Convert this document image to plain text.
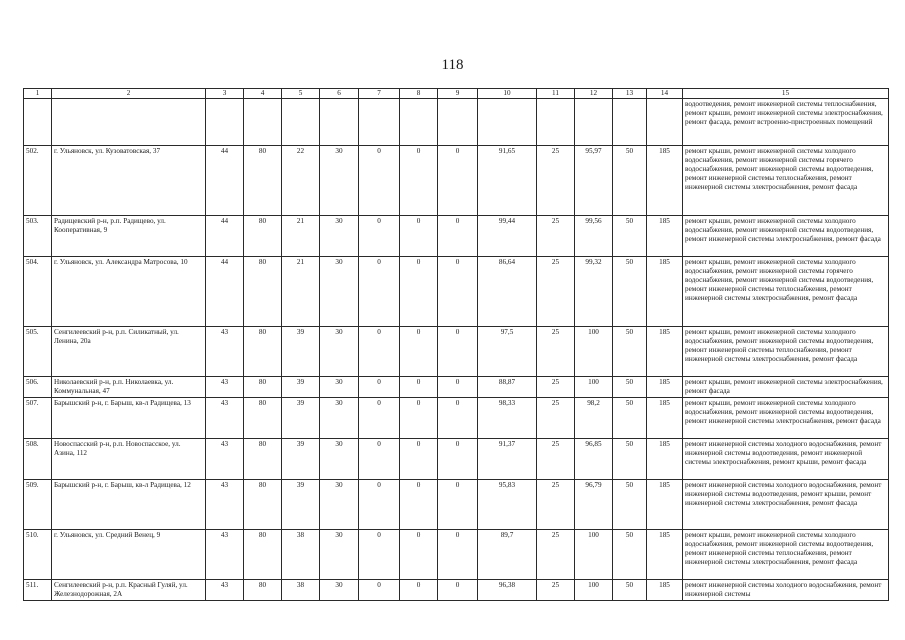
118
1	2	3	4	5	6	7	8	9	10	11	12	13	14	15
														водоотведения, ремонт инженерной системы теплоснабжения, ремонт крыши, ремонт инженерной системы электроснабжения, ремонт фасада, ремонт встроенно-пристроенных помещений
502.	г. Ульяновск, ул. Кузоватовская, 37	44	80	22	30	0	0	0	91,65	25	95,97	50	185	ремонт крыши, ремонт инженерной системы холодного водоснабжения, ремонт инженерной системы горячего водоснабжения, ремонт инженерной системы водоотведения, ремонт инженерной системы теплоснабжения, ремонт инженерной системы электроснабжения, ремонт фасада
503.	Радищевский р-н, р.п. Радищево, ул. Кооперативная, 9	44	80	21	30	0	0	0	99,44	25	99,56	50	185	ремонт крыши, ремонт инженерной системы холодного водоснабжения, ремонт инженерной системы водоотведения, ремонт инженерной системы электроснабжения, ремонт фасада
504.	г. Ульяновск, ул. Александра Матросова, 10	44	80	21	30	0	0	0	86,64	25	99,32	50	185	ремонт крыши, ремонт инженерной системы холодного водоснабжения, ремонт инженерной системы горячего водоснабжения, ремонт инженерной системы водоотведения, ремонт инженерной системы теплоснабжения, ремонт инженерной системы электроснабжения, ремонт фасада
505.	Сенгилеевский р-н, р.п. Силикатный, ул. Ленина, 20а	43	80	39	30	0	0	0	97,5	25	100	50	185	ремонт крыши, ремонт инженерной системы холодного водоснабжения, ремонт инженерной системы водоотведения, ремонт инженерной системы теплоснабжения, ремонт инженерной системы электроснабжения, ремонт фасада
506.	Николаевский р-н, р.п. Николаевка, ул. Коммунальная, 47	43	80	39	30	0	0	0	88,87	25	100	50	185	ремонт крыши, ремонт инженерной системы электроснабжения, ремонт фасада
507.	Барышский р-н, г. Барыш, кв-л Радищева, 13	43	80	39	30	0	0	0	98,33	25	98,2	50	185	ремонт крыши, ремонт инженерной системы холодного водоснабжения, ремонт инженерной системы водоотведения, ремонт инженерной системы электроснабжения, ремонт фасада
508.	Новоспасский р-н, р.п. Новоспасское, ул. Азина, 112	43	80	39	30	0	0	0	91,37	25	96,85	50	185	ремонт инженерной системы холодного водоснабжения, ремонт инженерной системы водоотведения, ремонт инженерной системы электроснабжения, ремонт крыши, ремонт фасада
509.	Барышский р-н, г. Барыш, кв-л Радищева, 12	43	80	39	30	0	0	0	95,83	25	96,79	50	185	ремонт инженерной системы холодного водоснабжения, ремонт инженерной системы водоотведения, ремонт крыши, ремонт инженерной системы электроснабжения, ремонт фасада
510.	г. Ульяновск, ул. Средний Венец, 9	43	80	38	30	0	0	0	89,7	25	100	50	185	ремонт крыши, ремонт инженерной системы холодного водоснабжения, ремонт инженерной системы водоотведения, ремонт инженерной системы теплоснабжения, ремонт инженерной системы электроснабжения, ремонт фасада
511.	Сенгилеевский р-н, р.п. Красный Гуляй, ул. Железнодорожная, 2А	43	80	38	30	0	0	0	96,38	25	100	50	185	ремонт инженерной системы холодного водоснабжения, ремонт инженерной системы
